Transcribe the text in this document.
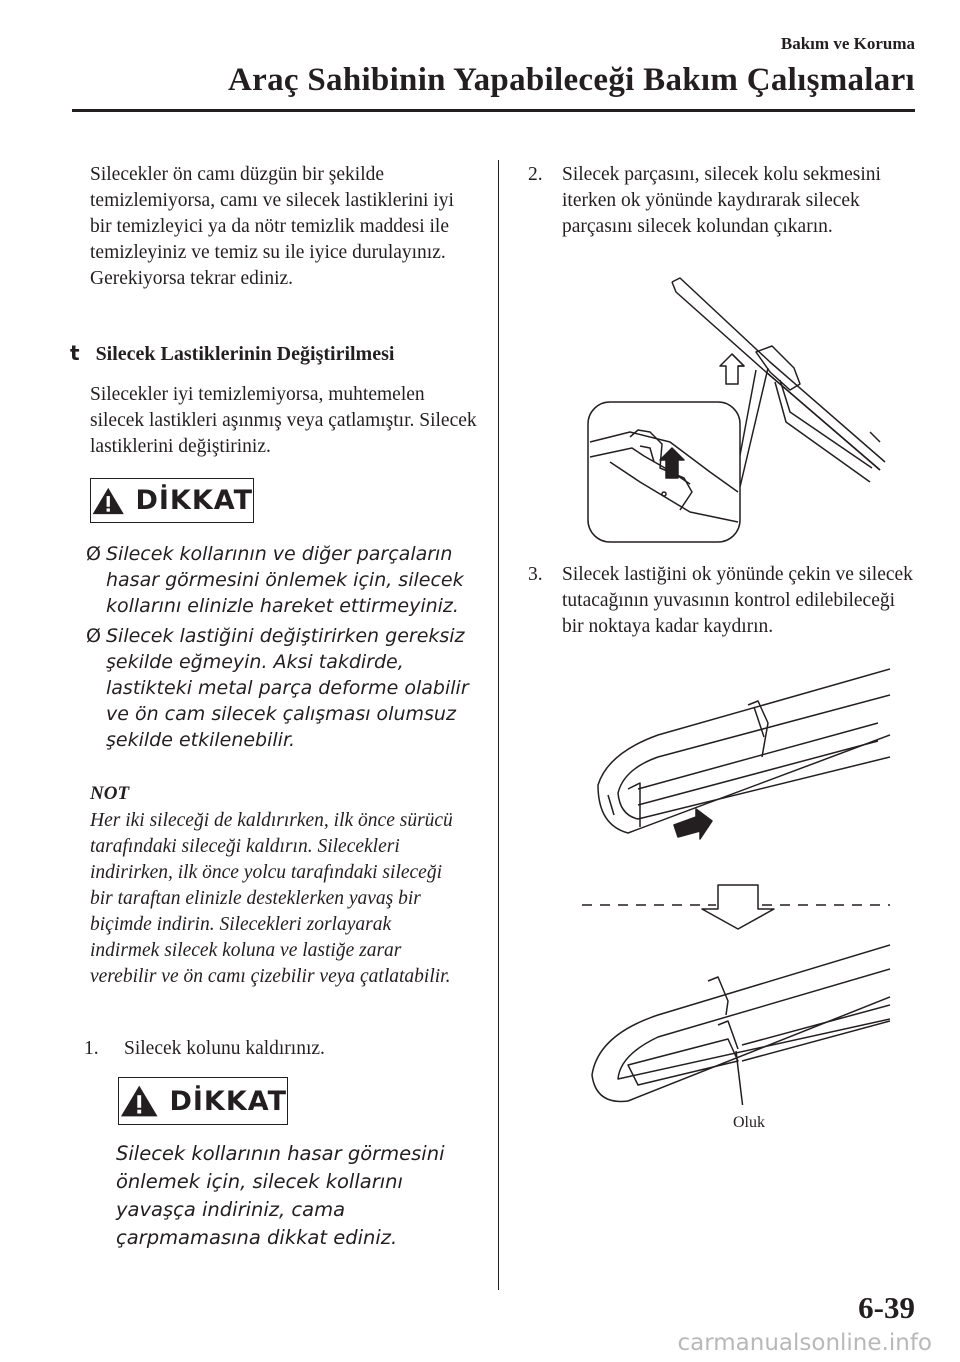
Bakım ve Koruma
Araç Sahibinin Yapabileceği Bakım Çalışmaları
Silecekler ön camı düzgün bir şekilde temizlemiyorsa, camı ve silecek lastiklerini iyi bir temizleyici ya da nötr temizlik maddesi ile temizleyiniz ve temiz su ile iyice durulayınız. Gerekiyorsa tekrar ediniz.
t Silecek Lastiklerinin Değiştirilmesi
Silecekler iyi temizlemiyorsa, muhtemelen silecek lastikleri aşınmış veya çatlamıştır. Silecek lastiklerini değiştiriniz.
DİKKAT
Ø Silecek kollarının ve diğer parçaların hasar görmesini önlemek için, silecek kollarını elinizle hareket ettirmeyiniz.
Ø Silecek lastiğini değiştirirken gereksiz şekilde eğmeyin. Aksi takdirde, lastikteki metal parça deforme olabilir ve ön cam silecek çalışması olumsuz şekilde etkilenebilir.
NOT
Her iki sileceği de kaldırırken, ilk önce sürücü tarafındaki sileceği kaldırın. Silecekleri indirirken, ilk önce yolcu tarafındaki sileceği bir taraftan elinizle desteklerken yavaş bir biçimde indirin. Silecekleri zorlayarak indirmek silecek koluna ve lastiğe zarar verebilir ve ön camı çizebilir veya çatlatabilir.
1.	Silecek kolunu kaldırınız.
DİKKAT
Silecek kollarının hasar görmesini önlemek için, silecek kollarını yavaşça indiriniz, cama çarpmamasına dikkat ediniz.
2. Silecek parçasını, silecek kolu sekmesini iterken ok yönünde kaydırarak silecek parçasını silecek kolundan çıkarın.
3. Silecek lastiğini ok yönünde çekin ve silecek tutacağının yuvasının kontrol edilebileceği bir noktaya kadar kaydırın.
Oluk
6-39
carmanualsonline.info
